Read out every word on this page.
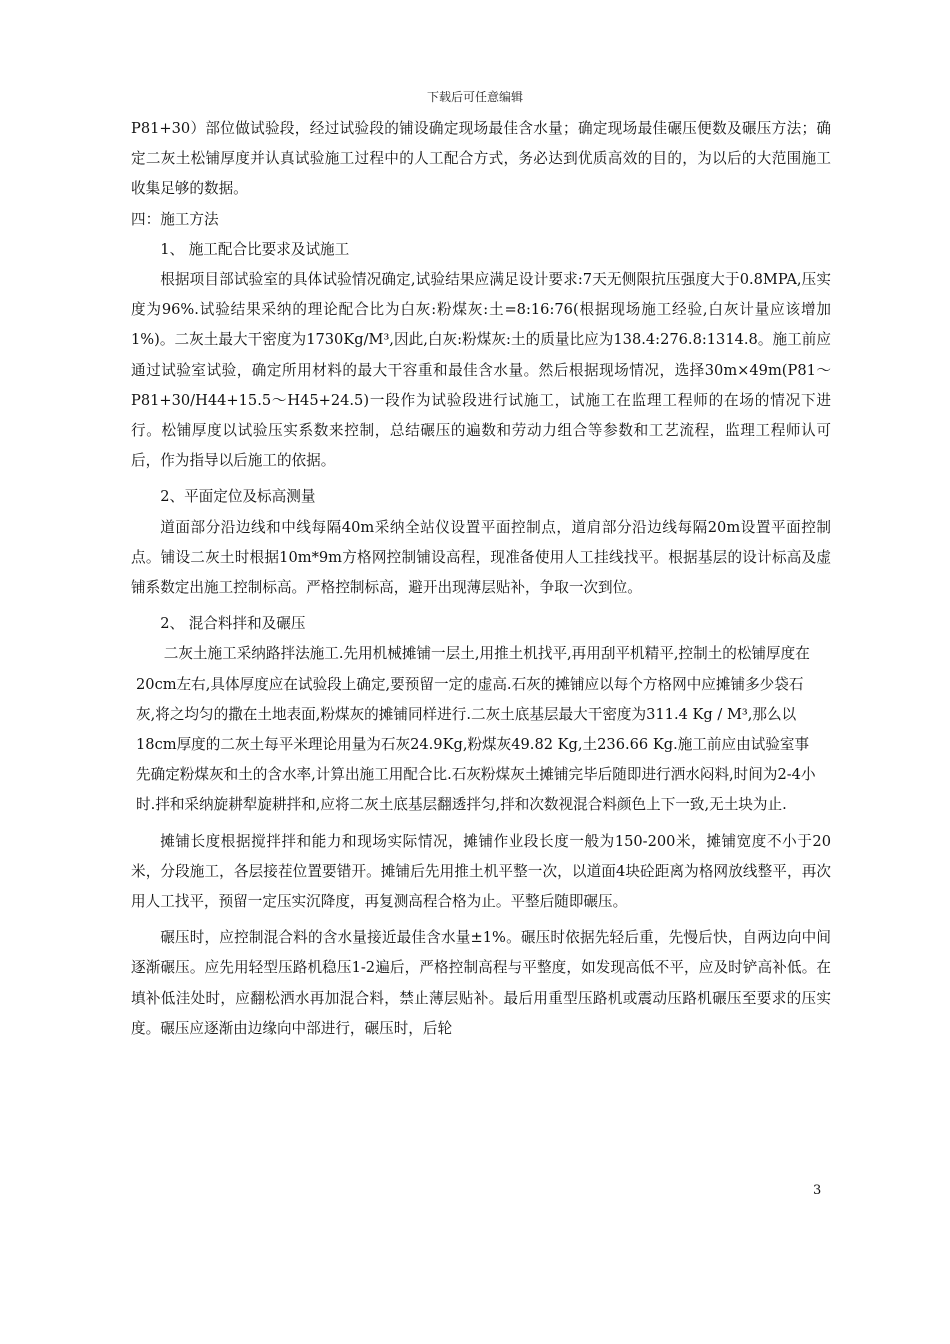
下载后可任意编辑

P81+30）部位做试验段，经过试验段的铺设确定现场最佳含水量；确定现场最佳碾压便数及碾压方法；确定二灰土松铺厚度并认真试验施工过程中的人工配合方式，务必达到优质高效的目的，为以后的大范围施工收集足够的数据。

四：施工方法

1、 施工配合比要求及试施工

根据项目部试验室的具体试验情况确定,试验结果应满足设计要求:7天无侧限抗压强度大于0.8MPA,压实度为96%.试验结果采纳的理论配合比为白灰:粉煤灰:土=8:16:76(根据现场施工经验,白灰计量应该增加1%)。二灰土最大干密度为1730Kg/M³,因此,白灰:粉煤灰:土的质量比应为138.4:276.8:1314.8。施工前应通过试验室试验，确定所用材料的最大干容重和最佳含水量。然后根据现场情况，选择30m×49m(P81～P81+30/H44+15.5～H45+24.5)一段作为试验段进行试施工，试施工在监理工程师的在场的情况下进行。松铺厚度以试验压实系数来控制，总结碾压的遍数和劳动力组合等参数和工艺流程，监理工程师认可后，作为指导以后施工的依据。

2、平面定位及标高测量

道面部分沿边线和中线每隔40m采纳全站仪设置平面控制点，道肩部分沿边线每隔20m设置平面控制点。铺设二灰土时根据10m*9m方格网控制铺设高程，现准备使用人工挂线找平。根据基层的设计标高及虚铺系数定出施工控制标高。严格控制标高，避开出现薄层贴补，争取一次到位。

2、 混合料拌和及碾压

二灰土施工采纳路拌法施工.先用机械摊铺一层土,用推土机找平,再用刮平机精平,控制土的松铺厚度在20cm左右,具体厚度应在试验段上确定,要预留一定的虚高.石灰的摊铺应以每个方格网中应摊铺多少袋石灰,将之均匀的撒在土地表面,粉煤灰的摊铺同样进行.二灰土底基层最大干密度为311.4 Kg / M³,那么以18cm厚度的二灰土每平米理论用量为石灰24.9Kg,粉煤灰49.82 Kg,土236.66 Kg.施工前应由试验室事先确定粉煤灰和土的含水率,计算出施工用配合比.石灰粉煤灰土摊铺完毕后随即进行洒水闷料,时间为2-4小时.拌和采纳旋耕犁旋耕拌和,应将二灰土底基层翻透拌匀,拌和次数视混合料颜色上下一致,无土块为止.

摊铺长度根据搅拌拌和能力和现场实际情况，摊铺作业段长度一般为150-200米，摊铺宽度不小于20米，分段施工，各层接茬位置要错开。摊铺后先用推土机平整一次，以道面4块砼距离为格网放线整平，再次用人工找平，预留一定压实沉降度，再复测高程合格为止。平整后随即碾压。

碾压时，应控制混合料的含水量接近最佳含水量±1%。碾压时依据先轻后重，先慢后快，自两边向中间逐渐碾压。应先用轻型压路机稳压1-2遍后，严格控制高程与平整度，如发现高低不平，应及时铲高补低。在填补低洼处时，应翻松洒水再加混合料，禁止薄层贴补。最后用重型压路机或震动压路机碾压至要求的压实度。碾压应逐渐由边缘向中部进行，碾压时，后轮

3
